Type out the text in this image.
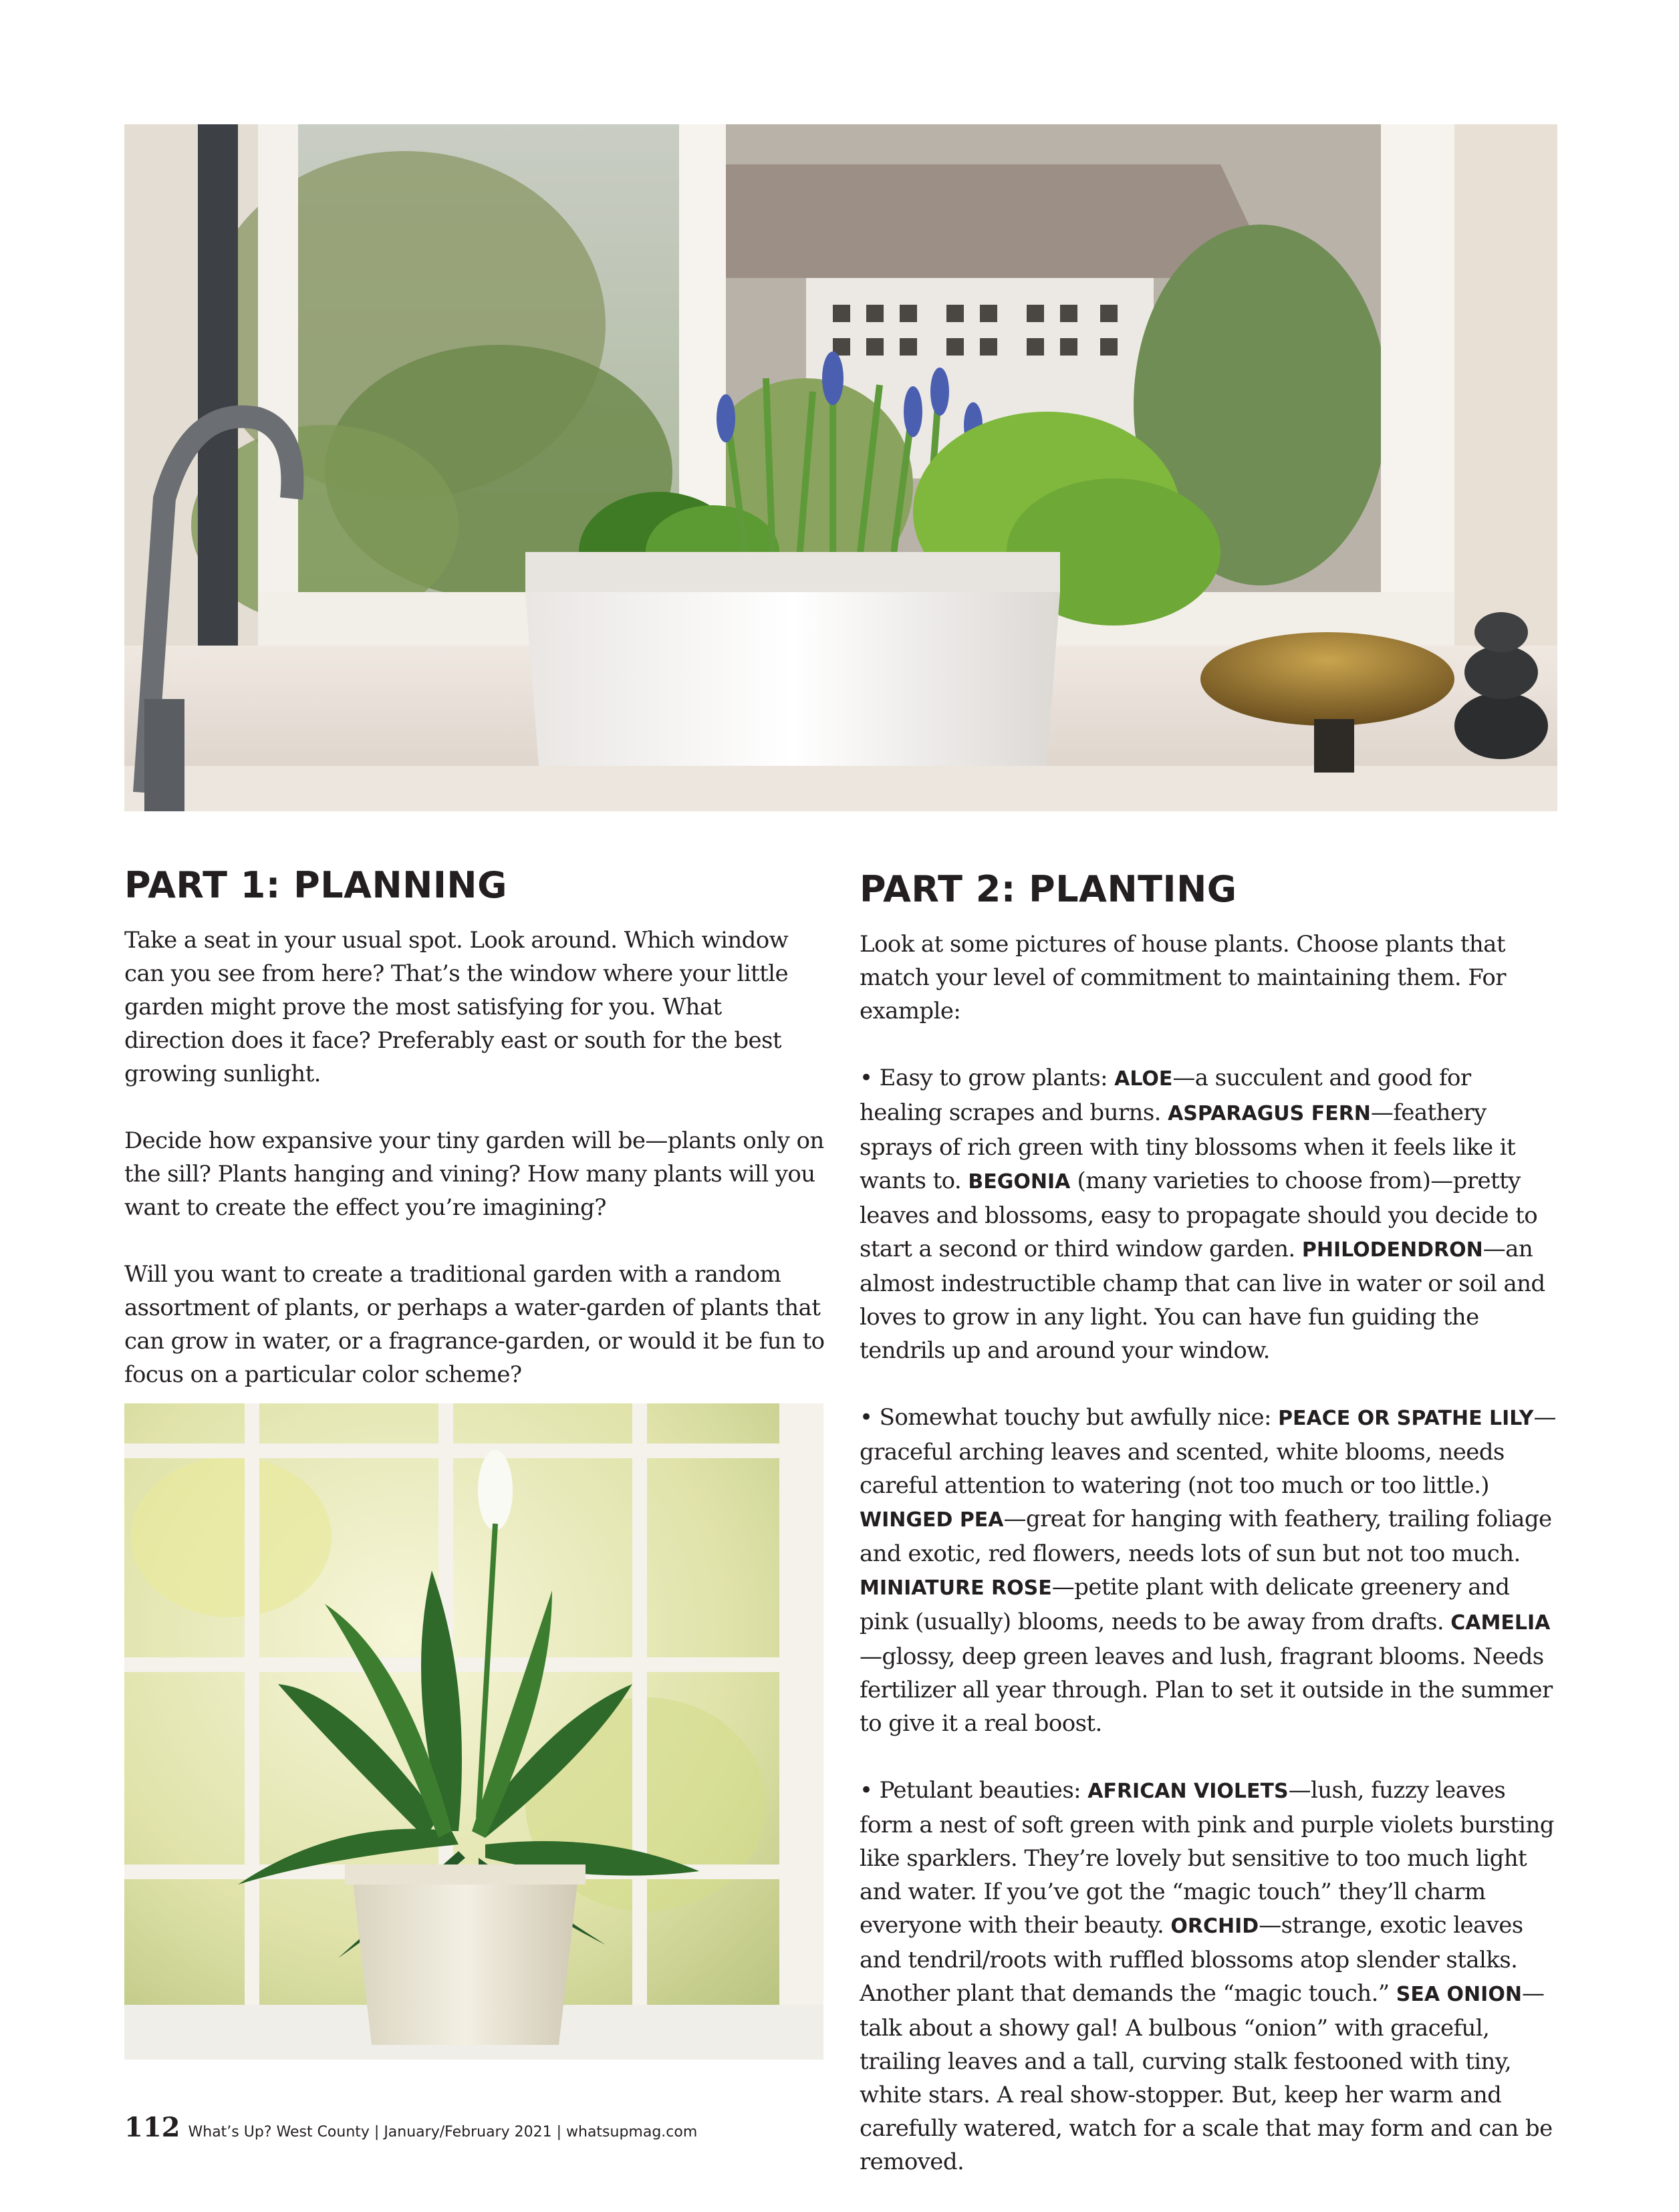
PART 1: PLANNING

Take a seat in your usual spot. Look around. Which window can you see from here? That’s the window where your little garden might prove the most satisfying for you. What direction does it face? Preferably east or south for the best growing sunlight.

Decide how expansive your tiny garden will be—plants only on the sill? Plants hanging and vining? How many plants will you want to create the effect you’re imagining?

Will you want to create a traditional garden with a random assortment of plants, or perhaps a water-garden of plants that can grow in water, or a fragrance-garden, or would it be fun to focus on a particular color scheme?

PART 2: PLANTING

Look at some pictures of house plants. Choose plants that match your level of commitment to maintaining them. For example:

• Easy to grow plants: ALOE—a succulent and good for healing scrapes and burns. ASPARAGUS FERN—feathery sprays of rich green with tiny blossoms when it feels like it wants to. BEGONIA (many varieties to choose from)—pretty leaves and blossoms, easy to propagate should you decide to start a second or third window garden. PHILODENDRON—an almost indestructible champ that can live in water or soil and loves to grow in any light. You can have fun guiding the tendrils up and around your window.

• Somewhat touchy but awfully nice: PEACE OR SPATHE LILY—graceful arching leaves and scented, white blooms, needs careful attention to watering (not too much or too little.) WINGED PEA—great for hanging with feathery, trailing foliage and exotic, red flowers, needs lots of sun but not too much. MINIATURE ROSE—petite plant with delicate greenery and pink (usually) blooms, needs to be away from drafts. CAMELIA—glossy, deep green leaves and lush, fragrant blooms. Needs fertilizer all year through. Plan to set it outside in the summer to give it a real boost.

• Petulant beauties: AFRICAN VIOLETS—lush, fuzzy leaves form a nest of soft green with pink and purple violets bursting like sparklers. They’re lovely but sensitive to too much light and water. If you’ve got the “magic touch” they’ll charm everyone with their beauty. ORCHID—strange, exotic leaves and tendril/roots with ruffled blossoms atop slender stalks. Another plant that demands the “magic touch.” SEA ONION—talk about a showy gal! A bulbous “onion” with graceful, trailing leaves and a tall, curving stalk festooned with tiny, white stars. A real show-stopper. But, keep her warm and carefully watered, watch for a scale that may form and can be removed.

112 What’s Up? West County | January/February 2021 | whatsupmag.com
